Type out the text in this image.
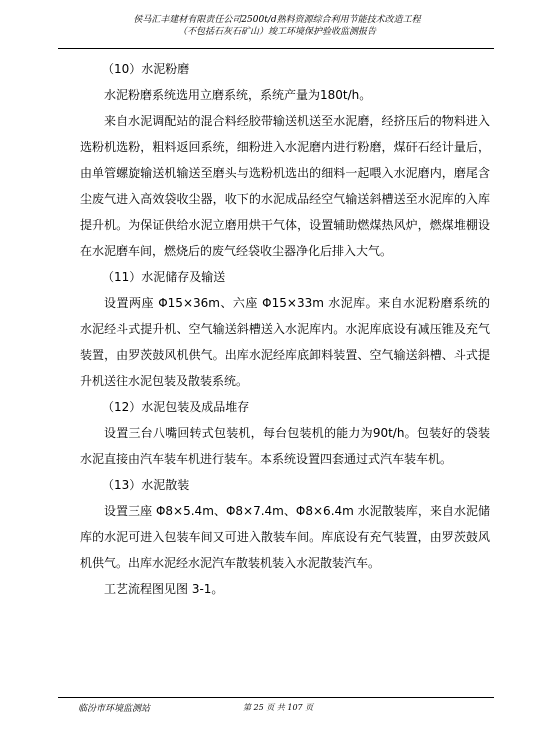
侯马汇丰建材有限责任公司2500t/d熟料资源综合利用节能技术改造工程
（不包括石灰石矿山）竣工环境保护验收监测报告
（10）水泥粉磨

水泥粉磨系统选用立磨系统，系统产量为180t/h。

来自水泥调配站的混合料经胶带输送机送至水泥磨，经挤压后的物料进入选粉机选粉，粗料返回系统，细粉进入水泥磨内进行粉磨，煤矸石经计量后，由单管螺旋输送机输送至磨头与选粉机选出的细料一起喂入水泥磨内，磨尾含尘废气进入高效袋收尘器，收下的水泥成品经空气输送斜槽送至水泥库的入库提升机。为保证供给水泥立磨用烘干气体，设置辅助燃煤热风炉，燃煤堆棚设在水泥磨车间，燃烧后的废气经袋收尘器净化后排入大气。

（11）水泥储存及输送

设置两座 Φ15×36m、六座 Φ15×33m 水泥库。来自水泥粉磨系统的水泥经斗式提升机、空气输送斜槽送入水泥库内。水泥库底设有减压锥及充气装置，由罗茨鼓风机供气。出库水泥经库底卸料装置、空气输送斜槽、斗式提升机送往水泥包装及散装系统。

（12）水泥包装及成品堆存

设置三台八嘴回转式包装机，每台包装机的能力为90t/h。包装好的袋装水泥直接由汽车装车机进行装车。本系统设置四套通过式汽车装车机。

（13）水泥散装

设置三座 Φ8×5.4m、Φ8×7.4m、Φ8×6.4m 水泥散装库，来自水泥储库的水泥可进入包装车间又可进入散装车间。库底设有充气装置，由罗茨鼓风机供气。出库水泥经水泥汽车散装机装入水泥散装汽车。

工艺流程图见图 3-1。

临汾市环境监测站	第 25 页 共 107 页
